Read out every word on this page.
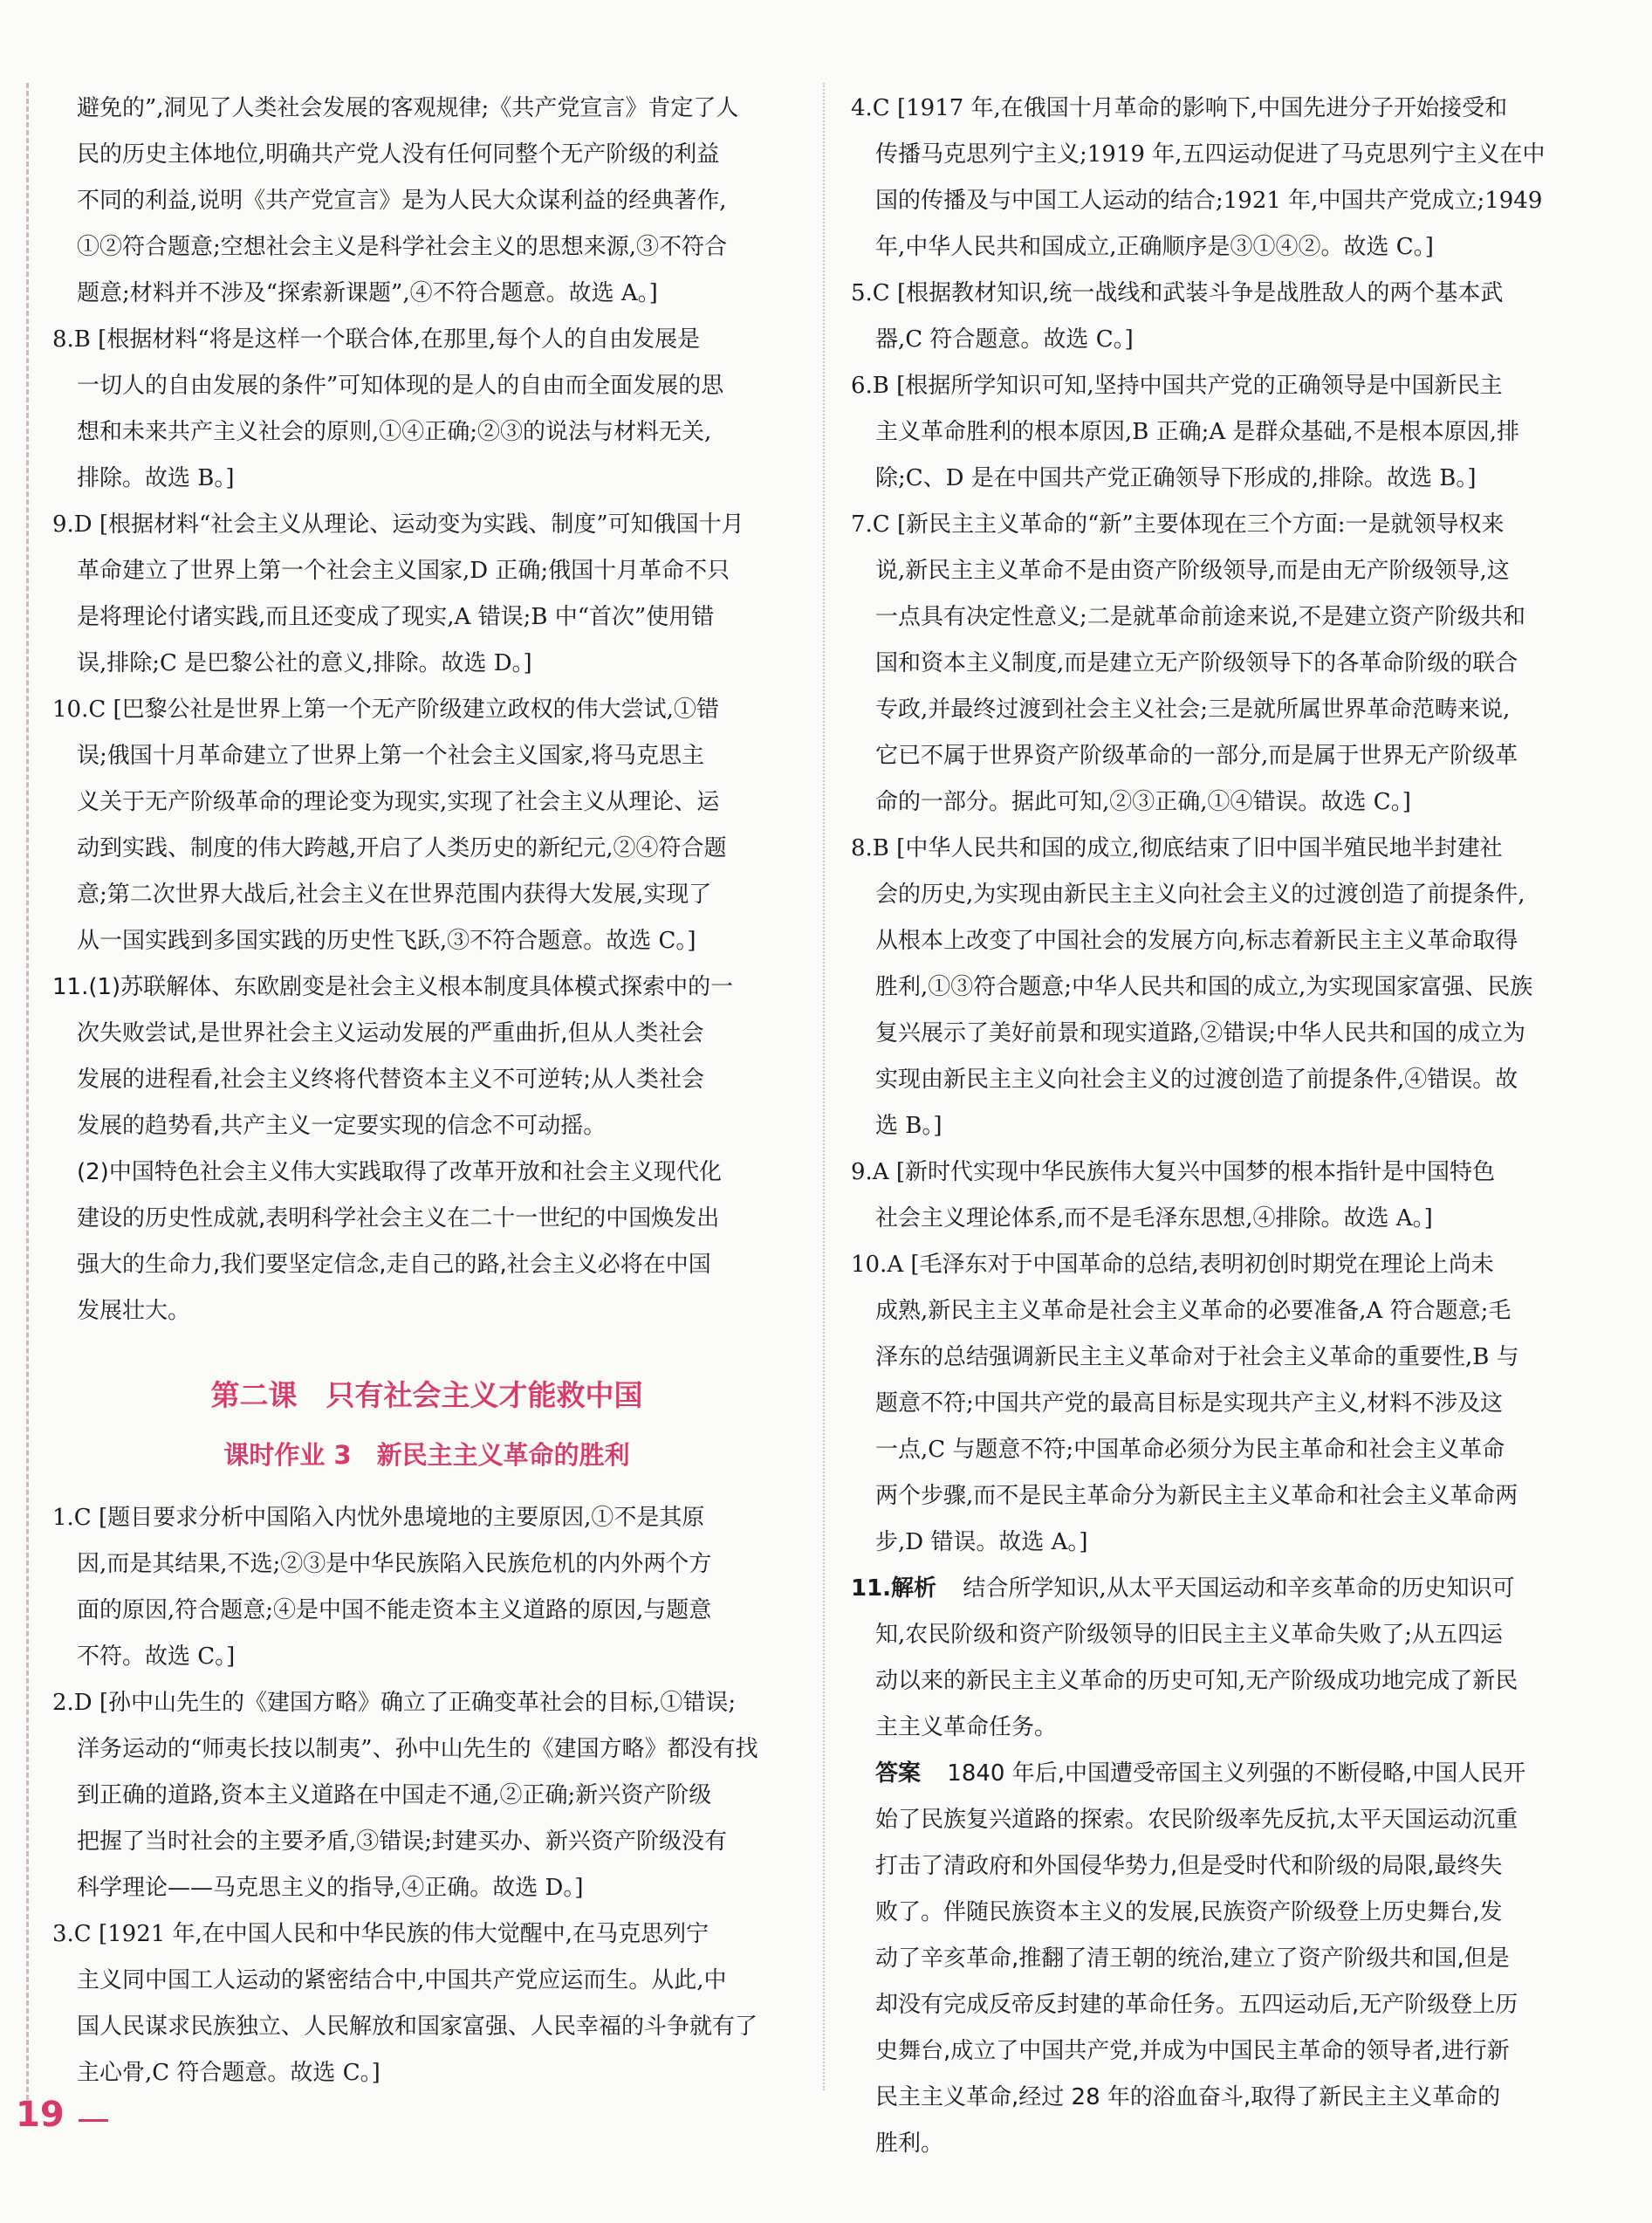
避免的”,洞见了人类社会发展的客观规律;《共产党宣言》肯定了人
民的历史主体地位,明确共产党人没有任何同整个无产阶级的利益
不同的利益,说明《共产党宣言》是为人民大众谋利益的经典著作,
①②符合题意;空想社会主义是科学社会主义的思想来源,③不符合
题意;材料并不涉及“探索新课题”,④不符合题意。故选 A。]
8.B [根据材料“将是这样一个联合体,在那里,每个人的自由发展是
一切人的自由发展的条件”可知体现的是人的自由而全面发展的思
想和未来共产主义社会的原则,①④正确;②③的说法与材料无关,
排除。故选 B。]
9.D [根据材料“社会主义从理论、运动变为实践、制度”可知俄国十月
革命建立了世界上第一个社会主义国家,D 正确;俄国十月革命不只
是将理论付诸实践,而且还变成了现实,A 错误;B 中“首次”使用错
误,排除;C 是巴黎公社的意义,排除。故选 D。]
10.C [巴黎公社是世界上第一个无产阶级建立政权的伟大尝试,①错
误;俄国十月革命建立了世界上第一个社会主义国家,将马克思主
义关于无产阶级革命的理论变为现实,实现了社会主义从理论、运
动到实践、制度的伟大跨越,开启了人类历史的新纪元,②④符合题
意;第二次世界大战后,社会主义在世界范围内获得大发展,实现了
从一国实践到多国实践的历史性飞跃,③不符合题意。故选 C。]
11.(1)苏联解体、东欧剧变是社会主义根本制度具体模式探索中的一
次失败尝试,是世界社会主义运动发展的严重曲折,但从人类社会
发展的进程看,社会主义终将代替资本主义不可逆转;从人类社会
发展的趋势看,共产主义一定要实现的信念不可动摇。
(2)中国特色社会主义伟大实践取得了改革开放和社会主义现代化
建设的历史性成就,表明科学社会主义在二十一世纪的中国焕发出
强大的生命力,我们要坚定信念,走自己的路,社会主义必将在中国
发展壮大。
第二课　只有社会主义才能救中国
课时作业 3　新民主主义革命的胜利
1.C [题目要求分析中国陷入内忧外患境地的主要原因,①不是其原
因,而是其结果,不选;②③是中华民族陷入民族危机的内外两个方
面的原因,符合题意;④是中国不能走资本主义道路的原因,与题意
不符。故选 C。]
2.D [孙中山先生的《建国方略》确立了正确变革社会的目标,①错误;
洋务运动的“师夷长技以制夷”、孙中山先生的《建国方略》都没有找
到正确的道路,资本主义道路在中国走不通,②正确;新兴资产阶级
把握了当时社会的主要矛盾,③错误;封建买办、新兴资产阶级没有
科学理论——马克思主义的指导,④正确。故选 D。]
3.C [1921 年,在中国人民和中华民族的伟大觉醒中,在马克思列宁
主义同中国工人运动的紧密结合中,中国共产党应运而生。从此,中
国人民谋求民族独立、人民解放和国家富强、人民幸福的斗争就有了
主心骨,C 符合题意。故选 C。]
4.C [1917 年,在俄国十月革命的影响下,中国先进分子开始接受和
传播马克思列宁主义;1919 年,五四运动促进了马克思列宁主义在中
国的传播及与中国工人运动的结合;1921 年,中国共产党成立;1949
年,中华人民共和国成立,正确顺序是③①④②。故选 C。]
5.C [根据教材知识,统一战线和武装斗争是战胜敌人的两个基本武
器,C 符合题意。故选 C。]
6.B [根据所学知识可知,坚持中国共产党的正确领导是中国新民主
主义革命胜利的根本原因,B 正确;A 是群众基础,不是根本原因,排
除;C、D 是在中国共产党正确领导下形成的,排除。故选 B。]
7.C [新民主主义革命的“新”主要体现在三个方面:一是就领导权来
说,新民主主义革命不是由资产阶级领导,而是由无产阶级领导,这
一点具有决定性意义;二是就革命前途来说,不是建立资产阶级共和
国和资本主义制度,而是建立无产阶级领导下的各革命阶级的联合
专政,并最终过渡到社会主义社会;三是就所属世界革命范畴来说,
它已不属于世界资产阶级革命的一部分,而是属于世界无产阶级革
命的一部分。据此可知,②③正确,①④错误。故选 C。]
8.B [中华人民共和国的成立,彻底结束了旧中国半殖民地半封建社
会的历史,为实现由新民主主义向社会主义的过渡创造了前提条件,
从根本上改变了中国社会的发展方向,标志着新民主主义革命取得
胜利,①③符合题意;中华人民共和国的成立,为实现国家富强、民族
复兴展示了美好前景和现实道路,②错误;中华人民共和国的成立为
实现由新民主主义向社会主义的过渡创造了前提条件,④错误。故
选 B。]
9.A [新时代实现中华民族伟大复兴中国梦的根本指针是中国特色
社会主义理论体系,而不是毛泽东思想,④排除。故选 A。]
10.A [毛泽东对于中国革命的总结,表明初创时期党在理论上尚未
成熟,新民主主义革命是社会主义革命的必要准备,A 符合题意;毛
泽东的总结强调新民主主义革命对于社会主义革命的重要性,B 与
题意不符;中国共产党的最高目标是实现共产主义,材料不涉及这
一点,C 与题意不符;中国革命必须分为民主革命和社会主义革命
两个步骤,而不是民主革命分为新民主主义革命和社会主义革命两
步,D 错误。故选 A。]
11.解析 结合所学知识,从太平天国运动和辛亥革命的历史知识可
知,农民阶级和资产阶级领导的旧民主主义革命失败了;从五四运
动以来的新民主主义革命的历史可知,无产阶级成功地完成了新民
主主义革命任务。
答案 1840 年后,中国遭受帝国主义列强的不断侵略,中国人民开
始了民族复兴道路的探索。农民阶级率先反抗,太平天国运动沉重
打击了清政府和外国侵华势力,但是受时代和阶级的局限,最终失
败了。伴随民族资本主义的发展,民族资产阶级登上历史舞台,发
动了辛亥革命,推翻了清王朝的统治,建立了资产阶级共和国,但是
却没有完成反帝反封建的革命任务。五四运动后,无产阶级登上历
史舞台,成立了中国共产党,并成为中国民主革命的领导者,进行新
民主主义革命,经过 28 年的浴血奋斗,取得了新民主主义革命的
胜利。
19
